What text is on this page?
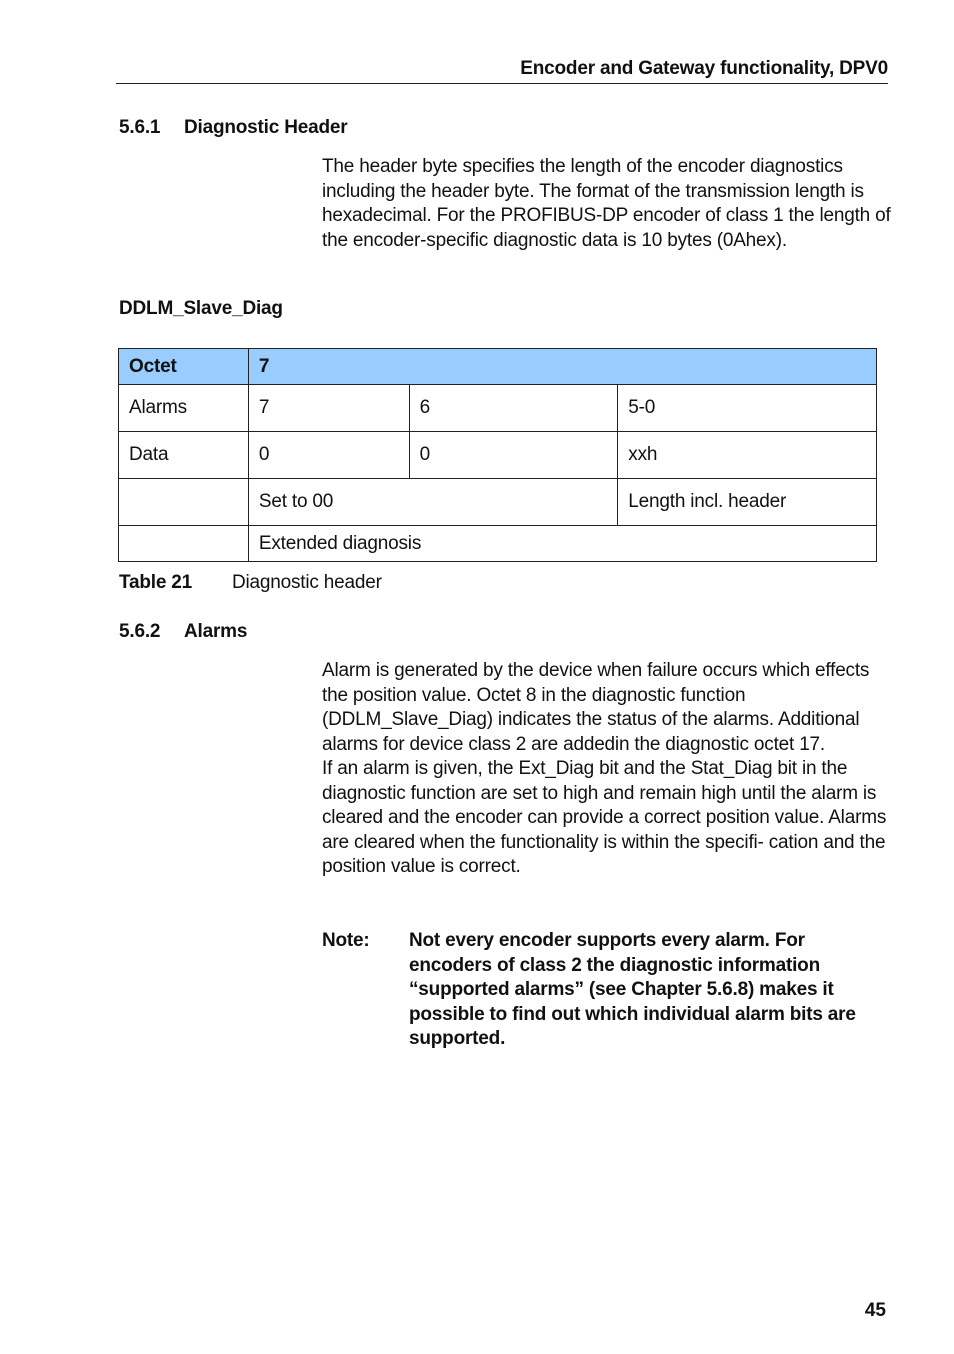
Encoder and Gateway functionality, DPV0
5.6.1 Diagnostic Header

The header byte specifies the length of the encoder diagnostics including the header byte. The format of the transmission length is hexadecimal. For the PROFIBUS-DP encoder of class 1 the length of the encoder-specific diagnostic data is 10 bytes (0Ahex).

DDLM_Slave_Diag
Octet	7		
Alarms	7	6	5-0
Data	0	0	xxh
	Set to 00		Length incl. header
	Extended diagnosis		
Table 21 Diagnostic header
5.6.2 Alarms

Alarm is generated by the device when failure occurs which effects the position value. Octet 8 in the diagnostic function (DDLM_Slave_Diag) indicates the status of the alarms. Additional alarms for device class 2 are addedin the diagnostic octet 17.

If an alarm is given, the Ext_Diag bit and the Stat_Diag bit in the diagnostic function are set to high and remain high until the alarm is cleared and the encoder can provide a correct position value. Alarms are cleared when the functionality is within the specifi- cation and the position value is correct.

Note: Not every encoder supports every alarm. For encoders of class 2 the diagnostic information “supported alarms” (see Chapter 5.6.8) makes it possible to find out which individual alarm bits are supported.
45
